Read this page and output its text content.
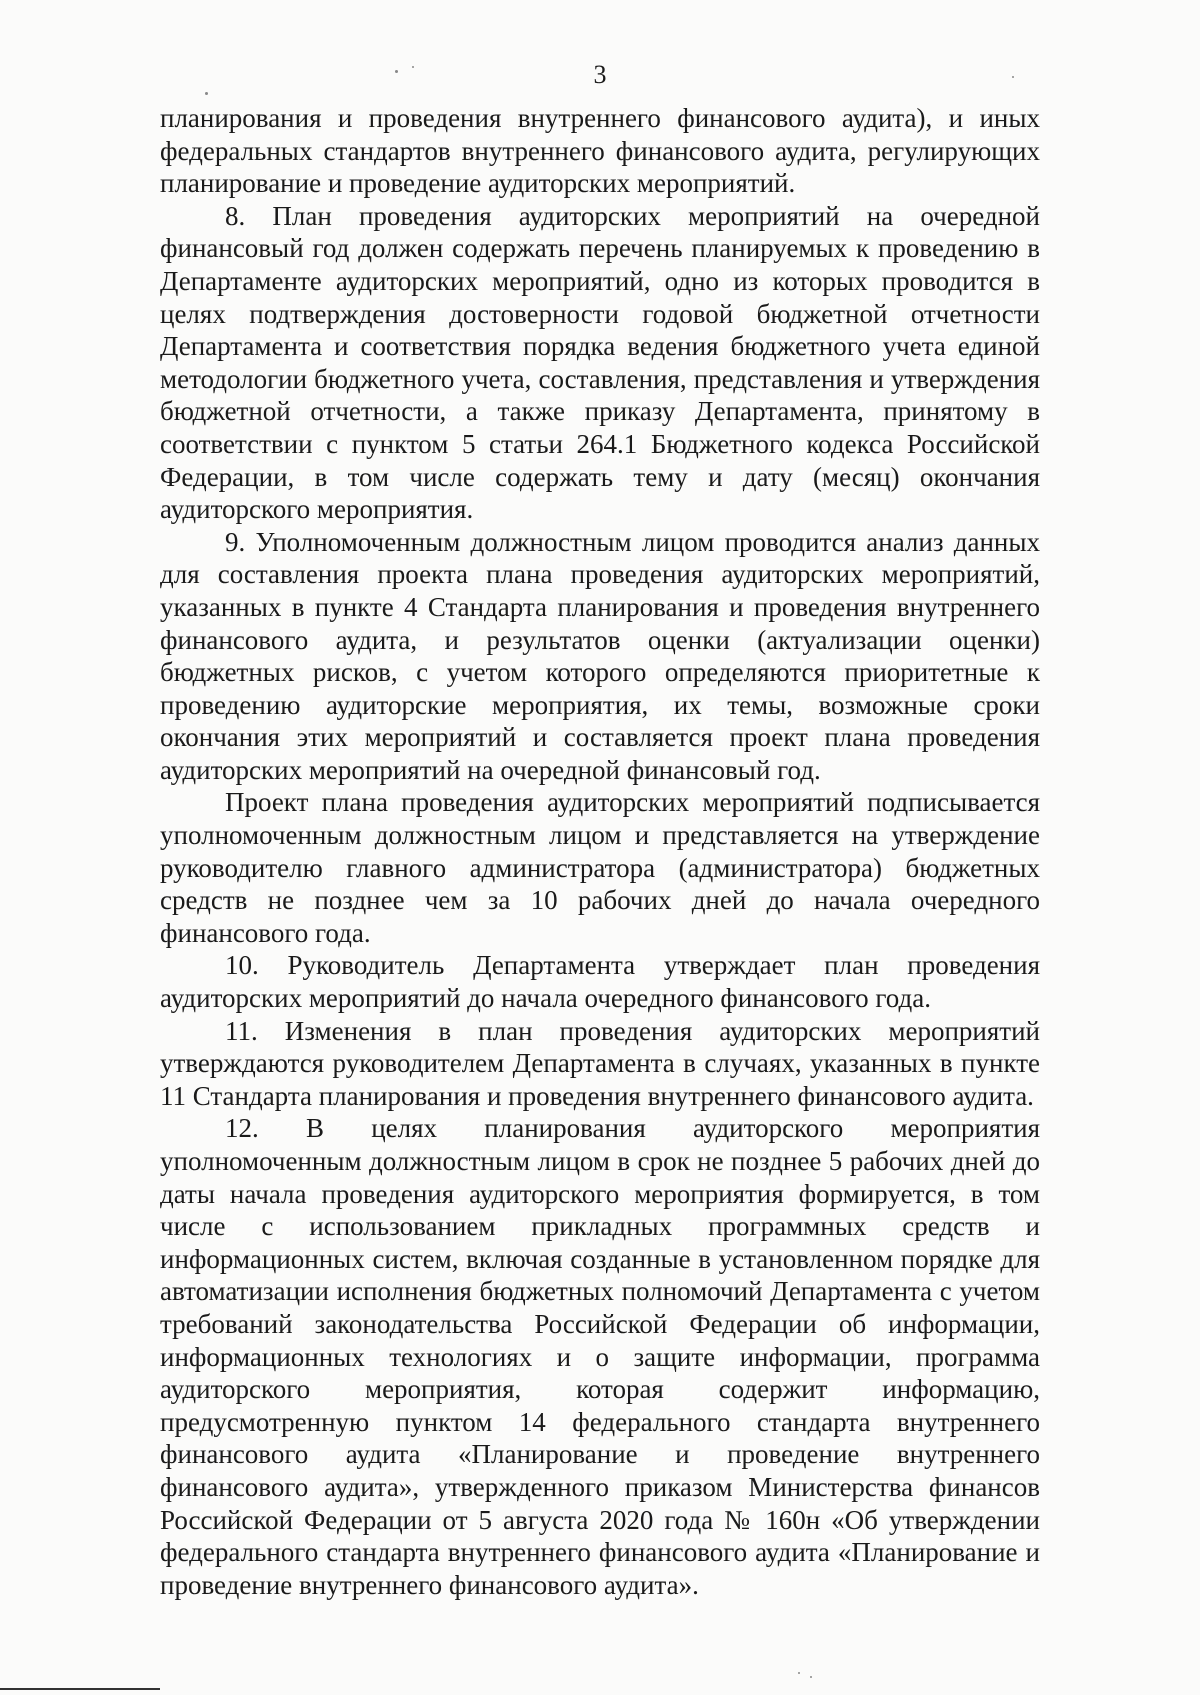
3

планирования и проведения внутреннего финансового аудита), и иных федеральных стандартов внутреннего финансового аудита, регулирующих планирование и проведение аудиторских мероприятий.

8. План проведения аудиторских мероприятий на очередной финансовый год должен содержать перечень планируемых к проведению в Департаменте аудиторских мероприятий, одно из которых проводится в целях подтверждения достоверности годовой бюджетной отчетности Департамента и соответствия порядка ведения бюджетного учета единой методологии бюджетного учета, составления, представления и утверждения бюджетной отчетности, а также приказу Департамента, принятому в соответствии с пунктом 5 статьи 264.1 Бюджетного кодекса Российской Федерации, в том числе содержать тему и дату (месяц) окончания аудиторского мероприятия.

9. Уполномоченным должностным лицом проводится анализ данных для составления проекта плана проведения аудиторских мероприятий, указанных в пункте 4 Стандарта планирования и проведения внутреннего финансового аудита, и результатов оценки (актуализации оценки) бюджетных рисков, с учетом которого определяются приоритетные к проведению аудиторские мероприятия, их темы, возможные сроки окончания этих мероприятий и составляется проект плана проведения аудиторских мероприятий на очередной финансовый год.

Проект плана проведения аудиторских мероприятий подписывается уполномоченным должностным лицом и представляется на утверждение руководителю главного администратора (администратора) бюджетных средств не позднее чем за 10 рабочих дней до начала очередного финансового года.

10. Руководитель Департамента утверждает план проведения аудиторских мероприятий до начала очередного финансового года.

11. Изменения в план проведения аудиторских мероприятий утверждаются руководителем Департамента в случаях, указанных в пункте 11 Стандарта планирования и проведения внутреннего финансового аудита.

12. В целях планирования аудиторского мероприятия уполномоченным должностным лицом в срок не позднее 5 рабочих дней до даты начала проведения аудиторского мероприятия формируется, в том числе с использованием прикладных программных средств и информационных систем, включая созданные в установленном порядке для автоматизации исполнения бюджетных полномочий Департамента с учетом требований законодательства Российской Федерации об информации, информационных технологиях и о защите информации, программа аудиторского мероприятия, которая содержит информацию, предусмотренную пунктом 14 федерального стандарта внутреннего финансового аудита «Планирование и проведение внутреннего финансового аудита», утвержденного приказом Министерства финансов Российской Федерации от 5 августа 2020 года № 160н «Об утверждении федерального стандарта внутреннего финансового аудита «Планирование и проведение внутреннего финансового аудита».
